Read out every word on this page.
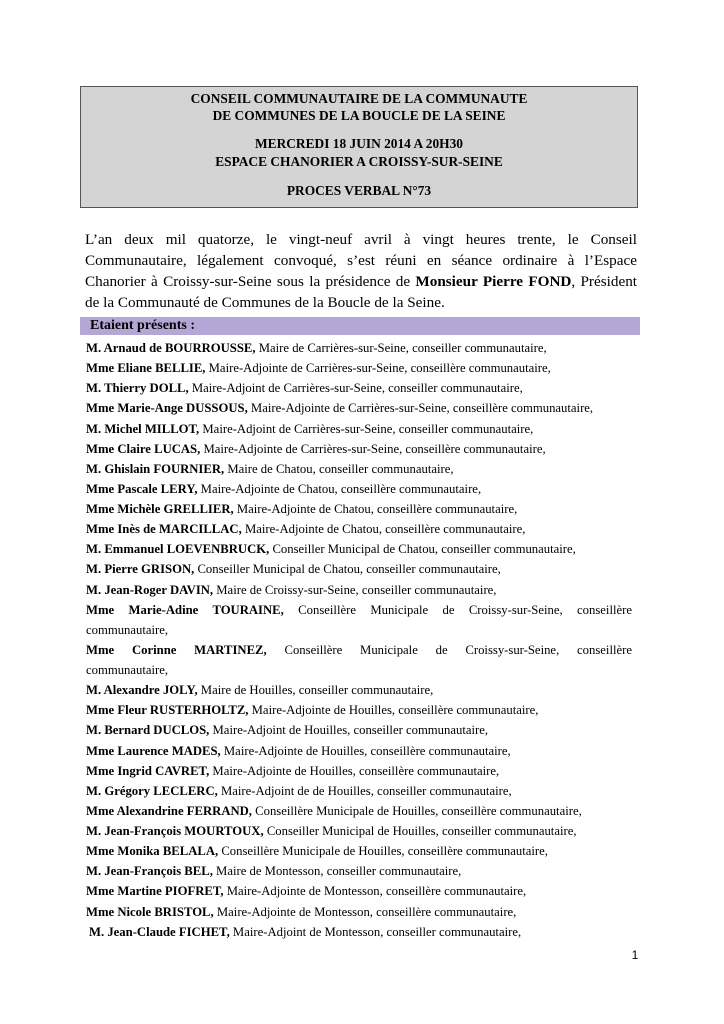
CONSEIL COMMUNAUTAIRE DE LA COMMUNAUTE
DE COMMUNES DE LA BOUCLE DE LA SEINE
MERCREDI 18 JUIN 2014 A 20H30
ESPACE CHANORIER A CROISSY-SUR-SEINE
PROCES VERBAL N°73
L’an deux mil quatorze, le vingt-neuf avril à vingt heures trente, le Conseil Communautaire, légalement convoqué, s’est réuni en séance ordinaire à l’Espace Chanorier à Croissy-sur-Seine sous la présidence de Monsieur Pierre FOND, Président de la Communauté de Communes de la Boucle de la Seine.
Etaient présents :
M. Arnaud de BOURROUSSE, Maire de Carrières-sur-Seine, conseiller communautaire,
Mme Eliane BELLIE, Maire-Adjointe de Carrières-sur-Seine, conseillère communautaire,
M. Thierry DOLL, Maire-Adjoint de Carrières-sur-Seine, conseiller communautaire,
Mme Marie-Ange DUSSOUS, Maire-Adjointe de Carrières-sur-Seine, conseillère communautaire,
M. Michel MILLOT, Maire-Adjoint de Carrières-sur-Seine, conseiller communautaire,
Mme Claire LUCAS, Maire-Adjointe de Carrières-sur-Seine, conseillère communautaire,
M. Ghislain FOURNIER, Maire de Chatou, conseiller communautaire,
Mme Pascale LERY, Maire-Adjointe de Chatou, conseillère communautaire,
Mme Michèle GRELLIER, Maire-Adjointe de Chatou, conseillère communautaire,
Mme Inès de MARCILLAC, Maire-Adjointe de Chatou, conseillère communautaire,
M. Emmanuel LOEVENBRUCK, Conseiller Municipal de Chatou, conseiller communautaire,
M. Pierre GRISON, Conseiller Municipal de Chatou, conseiller communautaire,
M. Jean-Roger DAVIN, Maire de Croissy-sur-Seine, conseiller communautaire,
Mme Marie-Adine TOURAINE, Conseillère Municipale de Croissy-sur-Seine, conseillère
communautaire,
Mme Corinne MARTINEZ, Conseillère Municipale de Croissy-sur-Seine, conseillère
communautaire,
M. Alexandre JOLY, Maire de Houilles, conseiller communautaire,
Mme Fleur RUSTERHOLTZ, Maire-Adjointe de Houilles, conseillère communautaire,
M. Bernard DUCLOS, Maire-Adjoint de Houilles, conseiller communautaire,
Mme Laurence MADES, Maire-Adjointe de Houilles, conseillère communautaire,
Mme Ingrid CAVRET, Maire-Adjointe de Houilles, conseillère communautaire,
M. Grégory LECLERC, Maire-Adjoint de de Houilles, conseiller communautaire,
Mme Alexandrine FERRAND, Conseillère Municipale de Houilles, conseillère communautaire,
M. Jean-François MOURTOUX, Conseiller Municipal de Houilles, conseiller communautaire,
Mme Monika BELALA, Conseillère Municipale de Houilles, conseillère communautaire,
M. Jean-François BEL, Maire de Montesson, conseiller communautaire,
Mme Martine PIOFRET, Maire-Adjointe de Montesson, conseillère communautaire,
Mme Nicole BRISTOL, Maire-Adjointe de Montesson, conseillère communautaire,
M. Jean-Claude FICHET, Maire-Adjoint de Montesson, conseiller communautaire,
1
